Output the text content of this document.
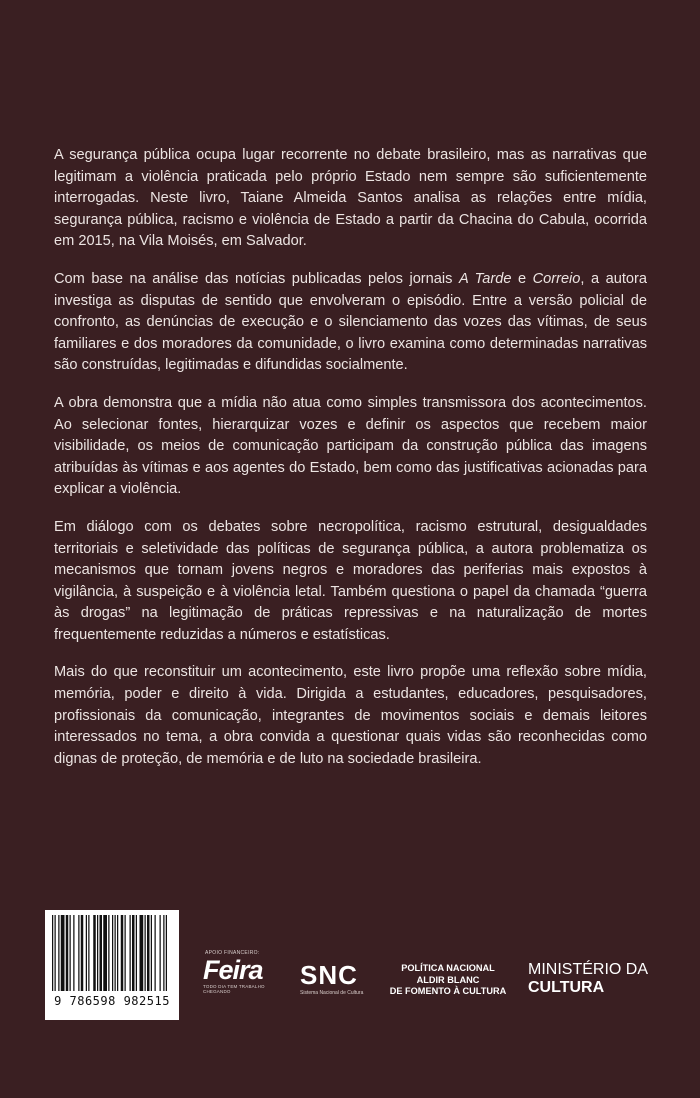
A segurança pública ocupa lugar recorrente no debate brasileiro, mas as narrativas que legitimam a violência praticada pelo próprio Estado nem sempre são suficientemente interrogadas. Neste livro, Taiane Almeida Santos analisa as relações entre mídia, segurança pública, racismo e violência de Estado a partir da Chacina do Cabula, ocorrida em 2015, na Vila Moisés, em Salvador.

Com base na análise das notícias publicadas pelos jornais A Tarde e Correio, a autora investiga as disputas de sentido que envolveram o episódio. Entre a versão policial de confronto, as denúncias de execução e o silenciamento das vozes das vítimas, de seus familiares e dos moradores da comunidade, o livro examina como determinadas narrativas são construídas, legitimadas e difundidas socialmente.

A obra demonstra que a mídia não atua como simples transmissora dos acontecimentos. Ao selecionar fontes, hierarquizar vozes e definir os aspectos que recebem maior visibilidade, os meios de comunicação participam da construção pública das imagens atribuídas às vítimas e aos agentes do Estado, bem como das justificativas acionadas para explicar a violência.

Em diálogo com os debates sobre necropolítica, racismo estrutural, desigualdades territoriais e seletividade das políticas de segurança pública, a autora problematiza os mecanismos que tornam jovens negros e moradores das periferias mais expostos à vigilância, à suspeição e à violência letal. Também questiona o papel da chamada “guerra às drogas” na legitimação de práticas repressivas e na naturalização de mortes frequentemente reduzidas a números e estatísticas.

Mais do que reconstituir um acontecimento, este livro propõe uma reflexão sobre mídia, memória, poder e direito à vida. Dirigida a estudantes, educadores, pesquisadores, profissionais da comunicação, integrantes de movimentos sociais e demais leitores interessados no tema, a obra convida a questionar quais vidas são reconhecidas como dignas de proteção, de memória e de luto na sociedade brasileira.

9 786598 982515
APOIO FINANCEIRO:
Feira
TODO DIA TEM TRABALHO CHEGANDO
SNC
Sistema Nacional de Cultura
POLÍTICA NACIONAL
ALDIR BLANC
DE FOMENTO À CULTURA
MINISTÉRIO DA
CULTURA
